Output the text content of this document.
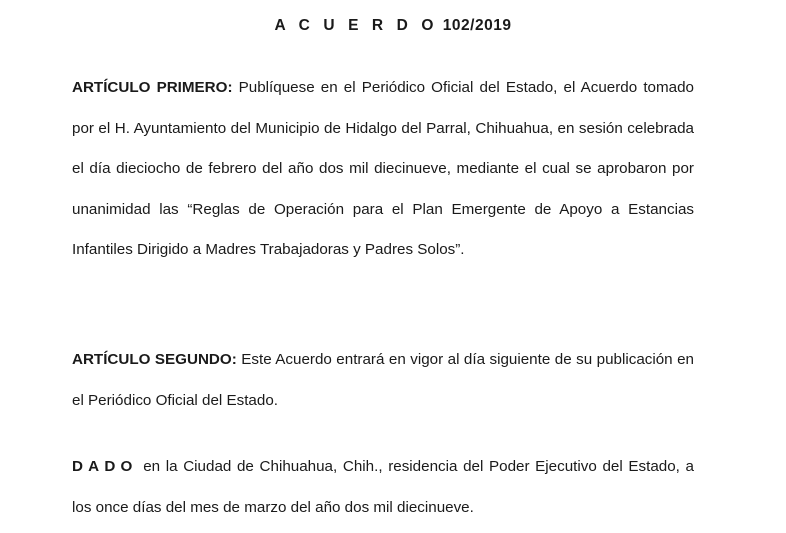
A C U E R D O 102/2019

ARTÍCULO PRIMERO: Publíquese en el Periódico Oficial del Estado, el Acuerdo tomado por el H. Ayuntamiento del Municipio de Hidalgo del Parral, Chihuahua, en sesión celebrada el día dieciocho de febrero del año dos mil diecinueve, mediante el cual se aprobaron por unanimidad las “Reglas de Operación para el Plan Emergente de Apoyo a Estancias Infantiles Dirigido a Madres Trabajadoras y Padres Solos”.

ARTÍCULO SEGUNDO: Este Acuerdo entrará en vigor al día siguiente de su publicación en el Periódico Oficial del Estado.

DADO en la Ciudad de Chihuahua, Chih., residencia del Poder Ejecutivo del Estado, a los once días del mes de marzo del año dos mil diecinueve.
